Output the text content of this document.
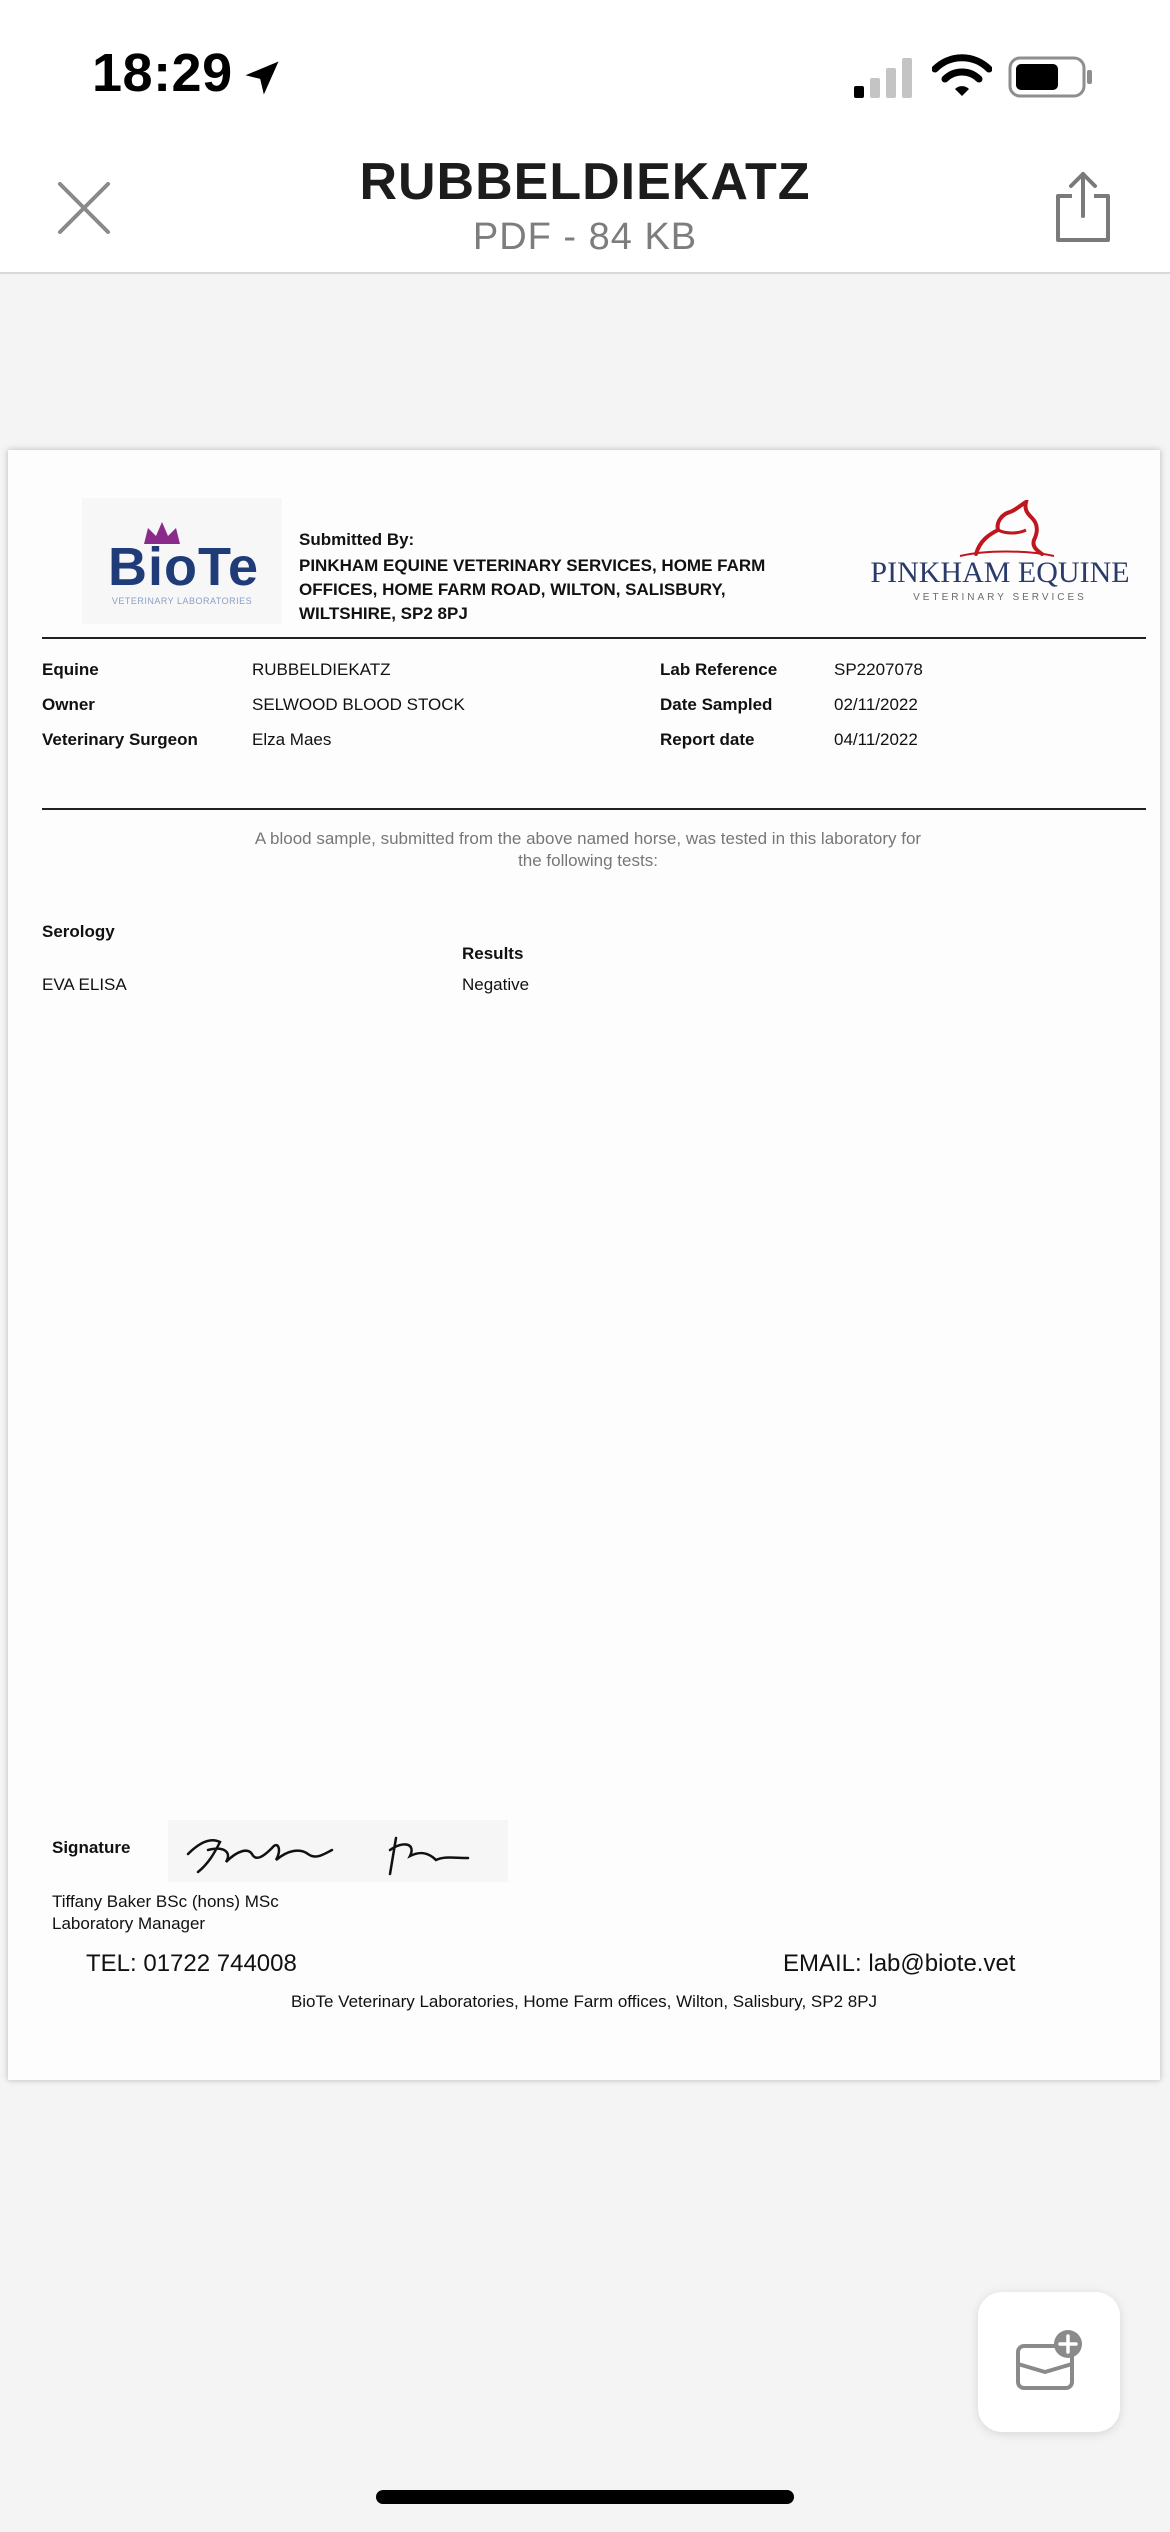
18:29
RUBBELDIEKATZ
PDF - 84 KB
BioTe
VETERINARY LABORATORIES
Submitted By:
PINKHAM EQUINE VETERINARY SERVICES, HOME FARM
OFFICES, HOME FARM ROAD, WILTON, SALISBURY,
WILTSHIRE, SP2 8PJ
PINKHAM EQUINE
VETERINARY SERVICES
Equine	RUBBELDIEKATZ
Owner	SELWOOD BLOOD STOCK
Veterinary Surgeon	Elza Maes
Lab Reference	SP2207078
Date Sampled	02/11/2022
Report date	04/11/2022
A blood sample, submitted from the above named horse, was tested in this laboratory for
the following tests:
Serology
Results
EVA ELISA	Negative
Signature
Tiffany Baker BSc (hons) MSc
Laboratory Manager
TEL: 01722 744008	EMAIL: lab@biote.vet
BioTe Veterinary Laboratories, Home Farm offices, Wilton, Salisbury, SP2 8PJ
